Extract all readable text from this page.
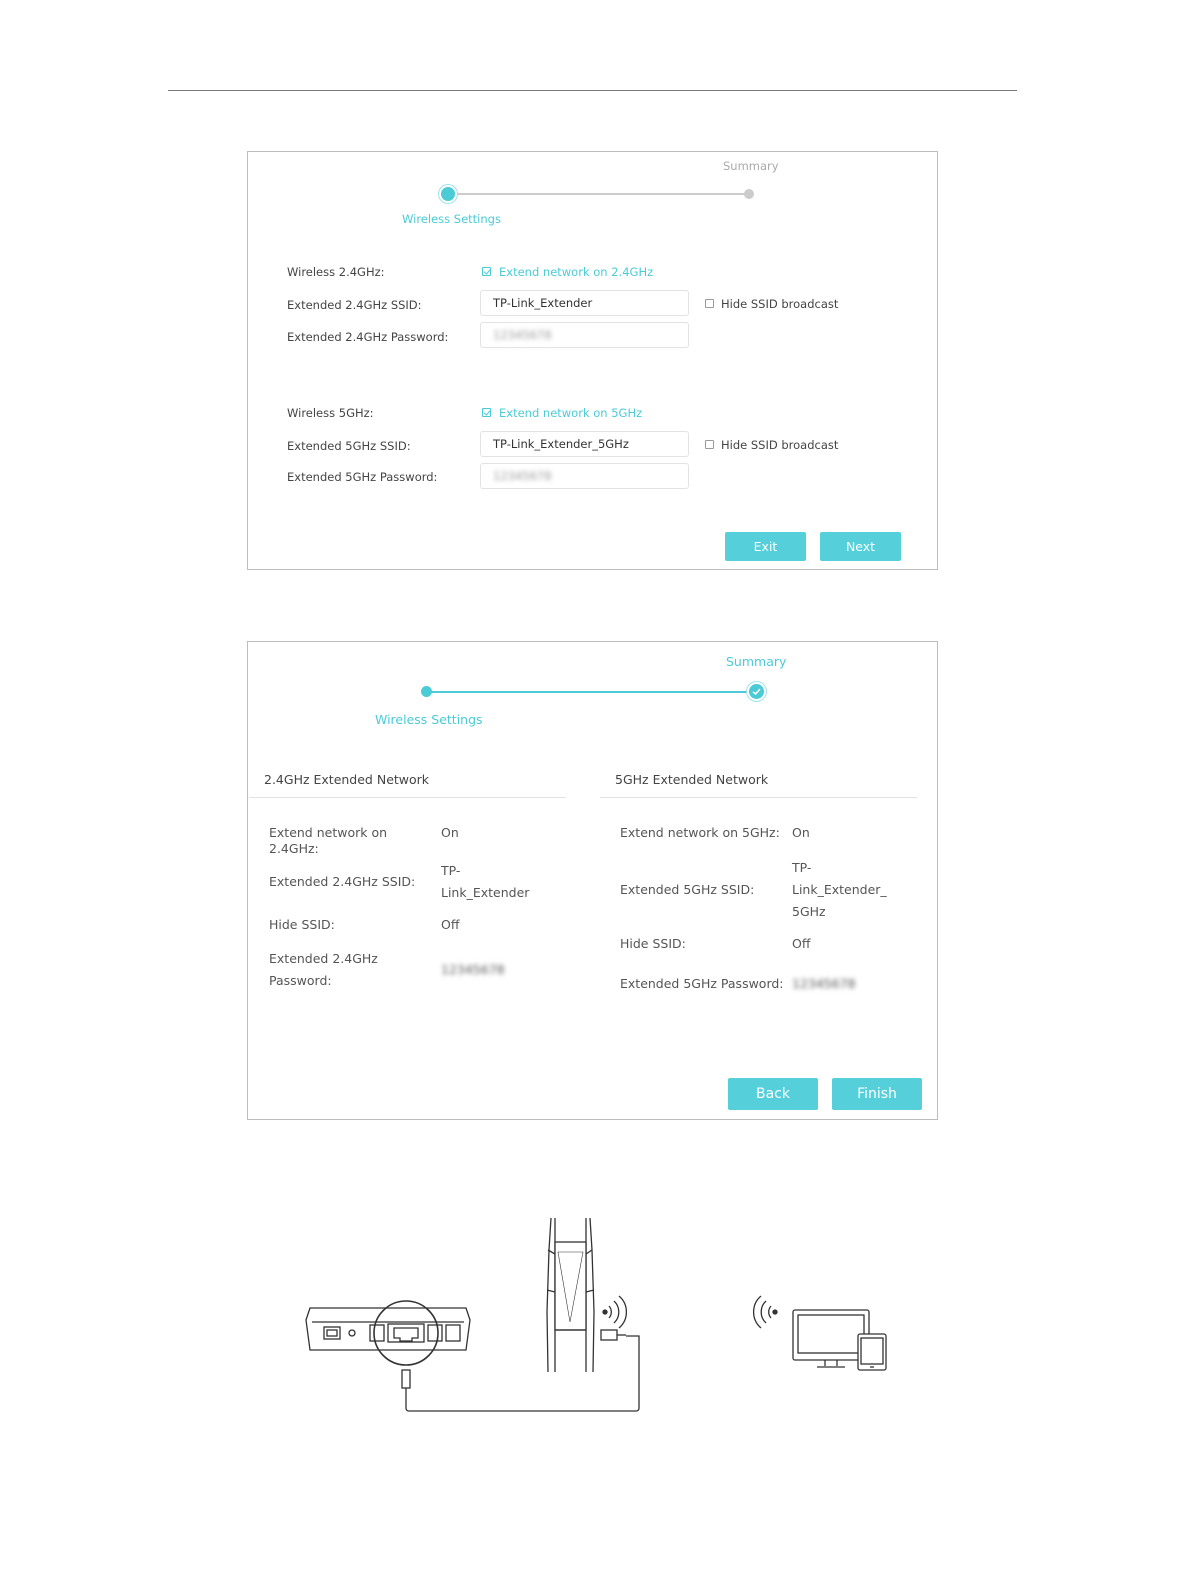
Wireless Settings
Summary
Wireless 2.4GHz:	Extend network on 2.4GHz
Extended 2.4GHz SSID:	TP-Link_Extender	Hide SSID broadcast
Extended 2.4GHz Password:	12345678
Wireless 5GHz:	Extend network on 5GHz
Extended 5GHz SSID:	TP-Link_Extender_5GHz	Hide SSID broadcast
Extended 5GHz Password:	12345678
Exit	Next
Wireless Settings
Summary
2.4GHz Extended Network
Extend network on
2.4GHz:
On
Extended 2.4GHz SSID:
TP-
Link_Extender
Hide SSID:	Off
Extended 2.4GHz
Password:
12345678
5GHz Extended Network
Extend network on 5GHz: On
Extended 5GHz SSID:
TP-
Link_Extender_
5GHz
Hide SSID:	Off
Extended 5GHz Password: 12345678
Back	Finish
